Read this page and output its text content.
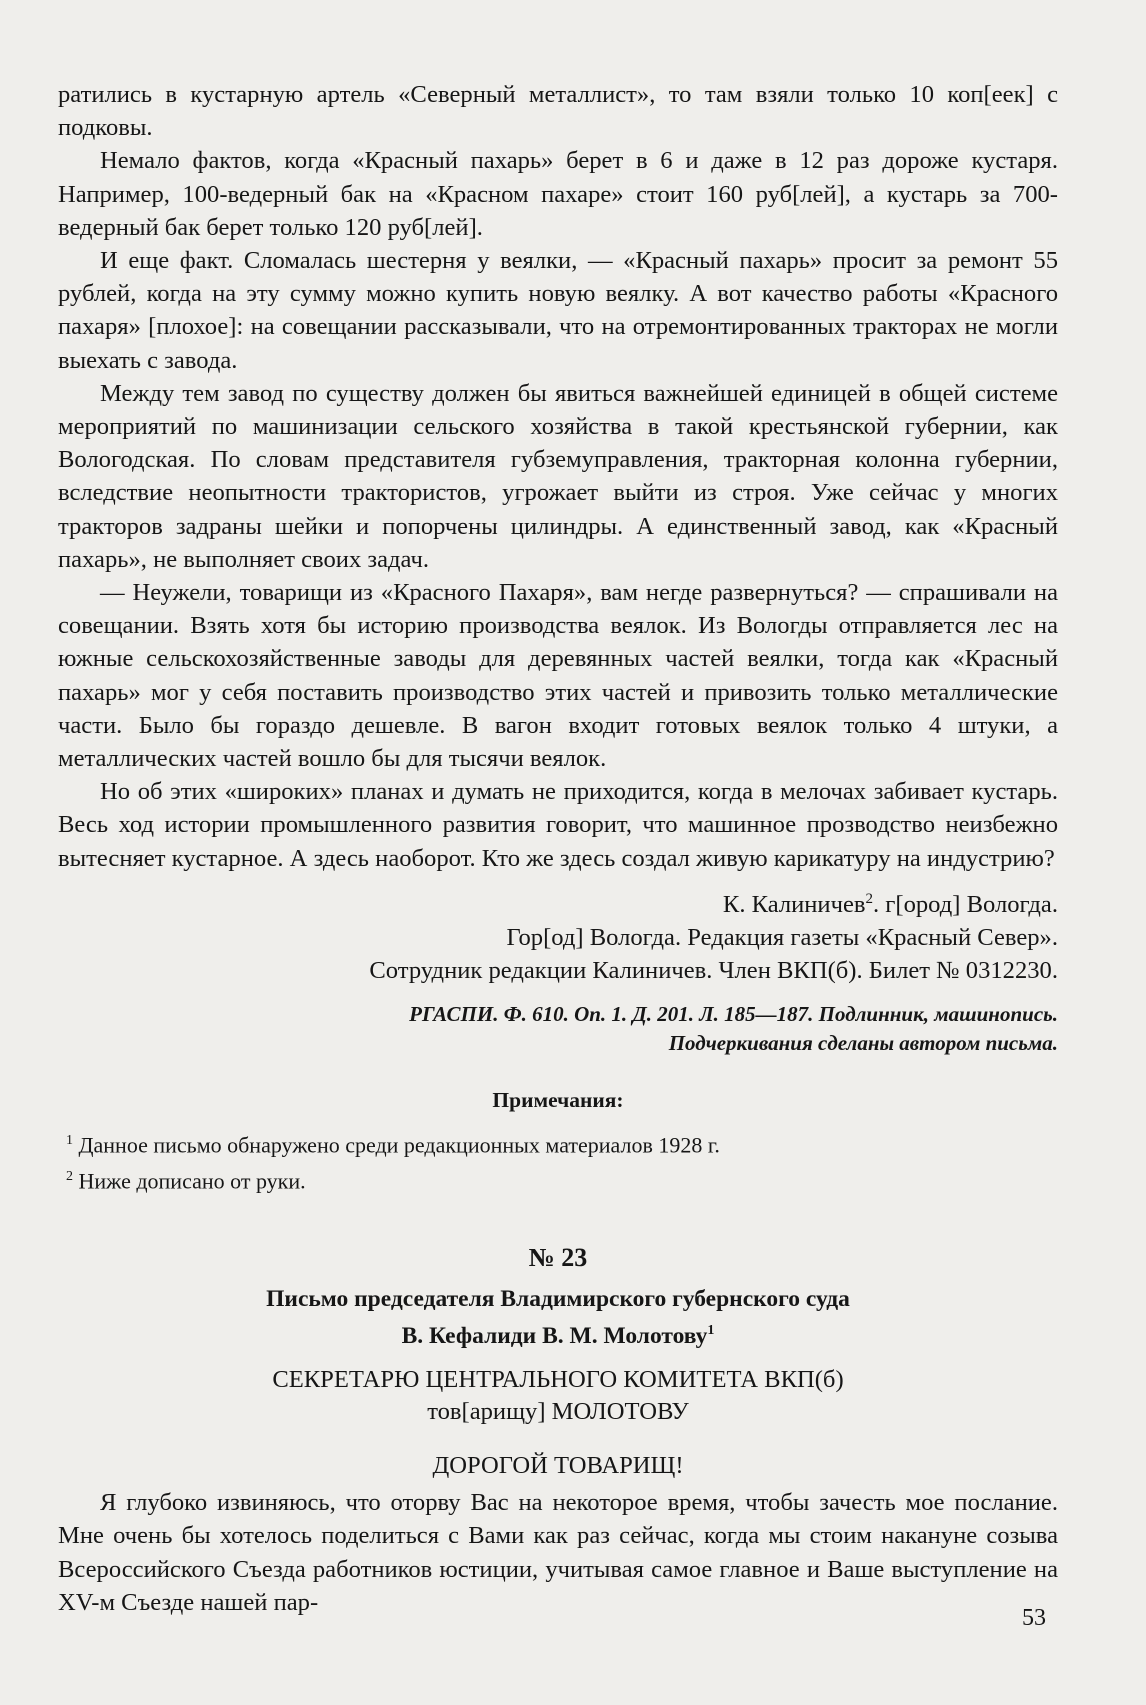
ратились в кустарную артель «Северный металлист», то там взяли только 10 коп[еек] с подковы.

Немало фактов, когда «Красный пахарь» берет в 6 и даже в 12 раз дороже кустаря. Например, 100-ведерный бак на «Красном пахаре» стоит 160 руб[лей], а кустарь за 700-ведерный бак берет только 120 руб[лей].

И еще факт. Сломалась шестерня у веялки, — «Красный пахарь» просит за ремонт 55 рублей, когда на эту сумму можно купить новую веялку. А вот качество работы «Красного пахаря» [плохое]: на совещании рассказывали, что на отремонтированных тракторах не могли выехать с завода.

Между тем завод по существу должен бы явиться важнейшей единицей в общей системе мероприятий по машинизации сельского хозяйства в такой крестьянской губернии, как Вологодская. По словам представителя губземуправления, тракторная колонна губернии, вследствие неопытности трактористов, угрожает выйти из строя. Уже сейчас у многих тракторов задраны шейки и попорчены цилиндры. А единственный завод, как «Красный пахарь», не выполняет своих задач.

— Неужели, товарищи из «Красного Пахаря», вам негде развернуться? — спрашивали на совещании. Взять хотя бы историю производства веялок. Из Вологды отправляется лес на южные сельскохозяйственные заводы для деревянных частей веялки, тогда как «Красный пахарь» мог у себя поставить производство этих частей и привозить только металлические части. Было бы гораздо дешевле. В вагон входит готовых веялок только 4 штуки, а металлических частей вошло бы для тысячи веялок.

Но об этих «широких» планах и думать не приходится, когда в мелочах забивает кустарь. Весь ход истории промышленного развития говорит, что машинное прозводство неизбежно вытесняет кустарное. А здесь наоборот. Кто же здесь создал живую карикатуру на индустрию?

К. Калиничев$^2$. г[ород] Вологда.

Гор[од] Вологда. Редакция газеты «Красный Север».

Сотрудник редакции Калиничев. Член ВКП(б). Билет № 0312230.

РГАСПИ. Ф. 610. Оп. 1. Д. 201. Л. 185—187. Подлинник, машинопись.

Подчеркивания сделаны автором письма.

Примечания:

$^1$ Данное письмо обнаружено среди редакционных материалов 1928 г.

$^2$ Ниже дописано от руки.

№ 23

Письмо председателя Владимирского губернского суда

В. Кефалиди В. М. Молотову$^1$

СЕКРЕТАРЮ ЦЕНТРАЛЬНОГО КОМИТЕТА ВКП(б)

тов[арищу] МОЛОТОВУ

ДОРОГОЙ ТОВАРИЩ!

Я глубоко извиняюсь, что оторву Вас на некоторое время, чтобы зачесть мое послание. Мне очень бы хотелось поделиться с Вами как раз сейчас, когда мы стоим накануне созыва Всероссийского Съезда работников юстиции, учитывая самое главное и Ваше выступление на XV-м Съезде нашей пар-

53
